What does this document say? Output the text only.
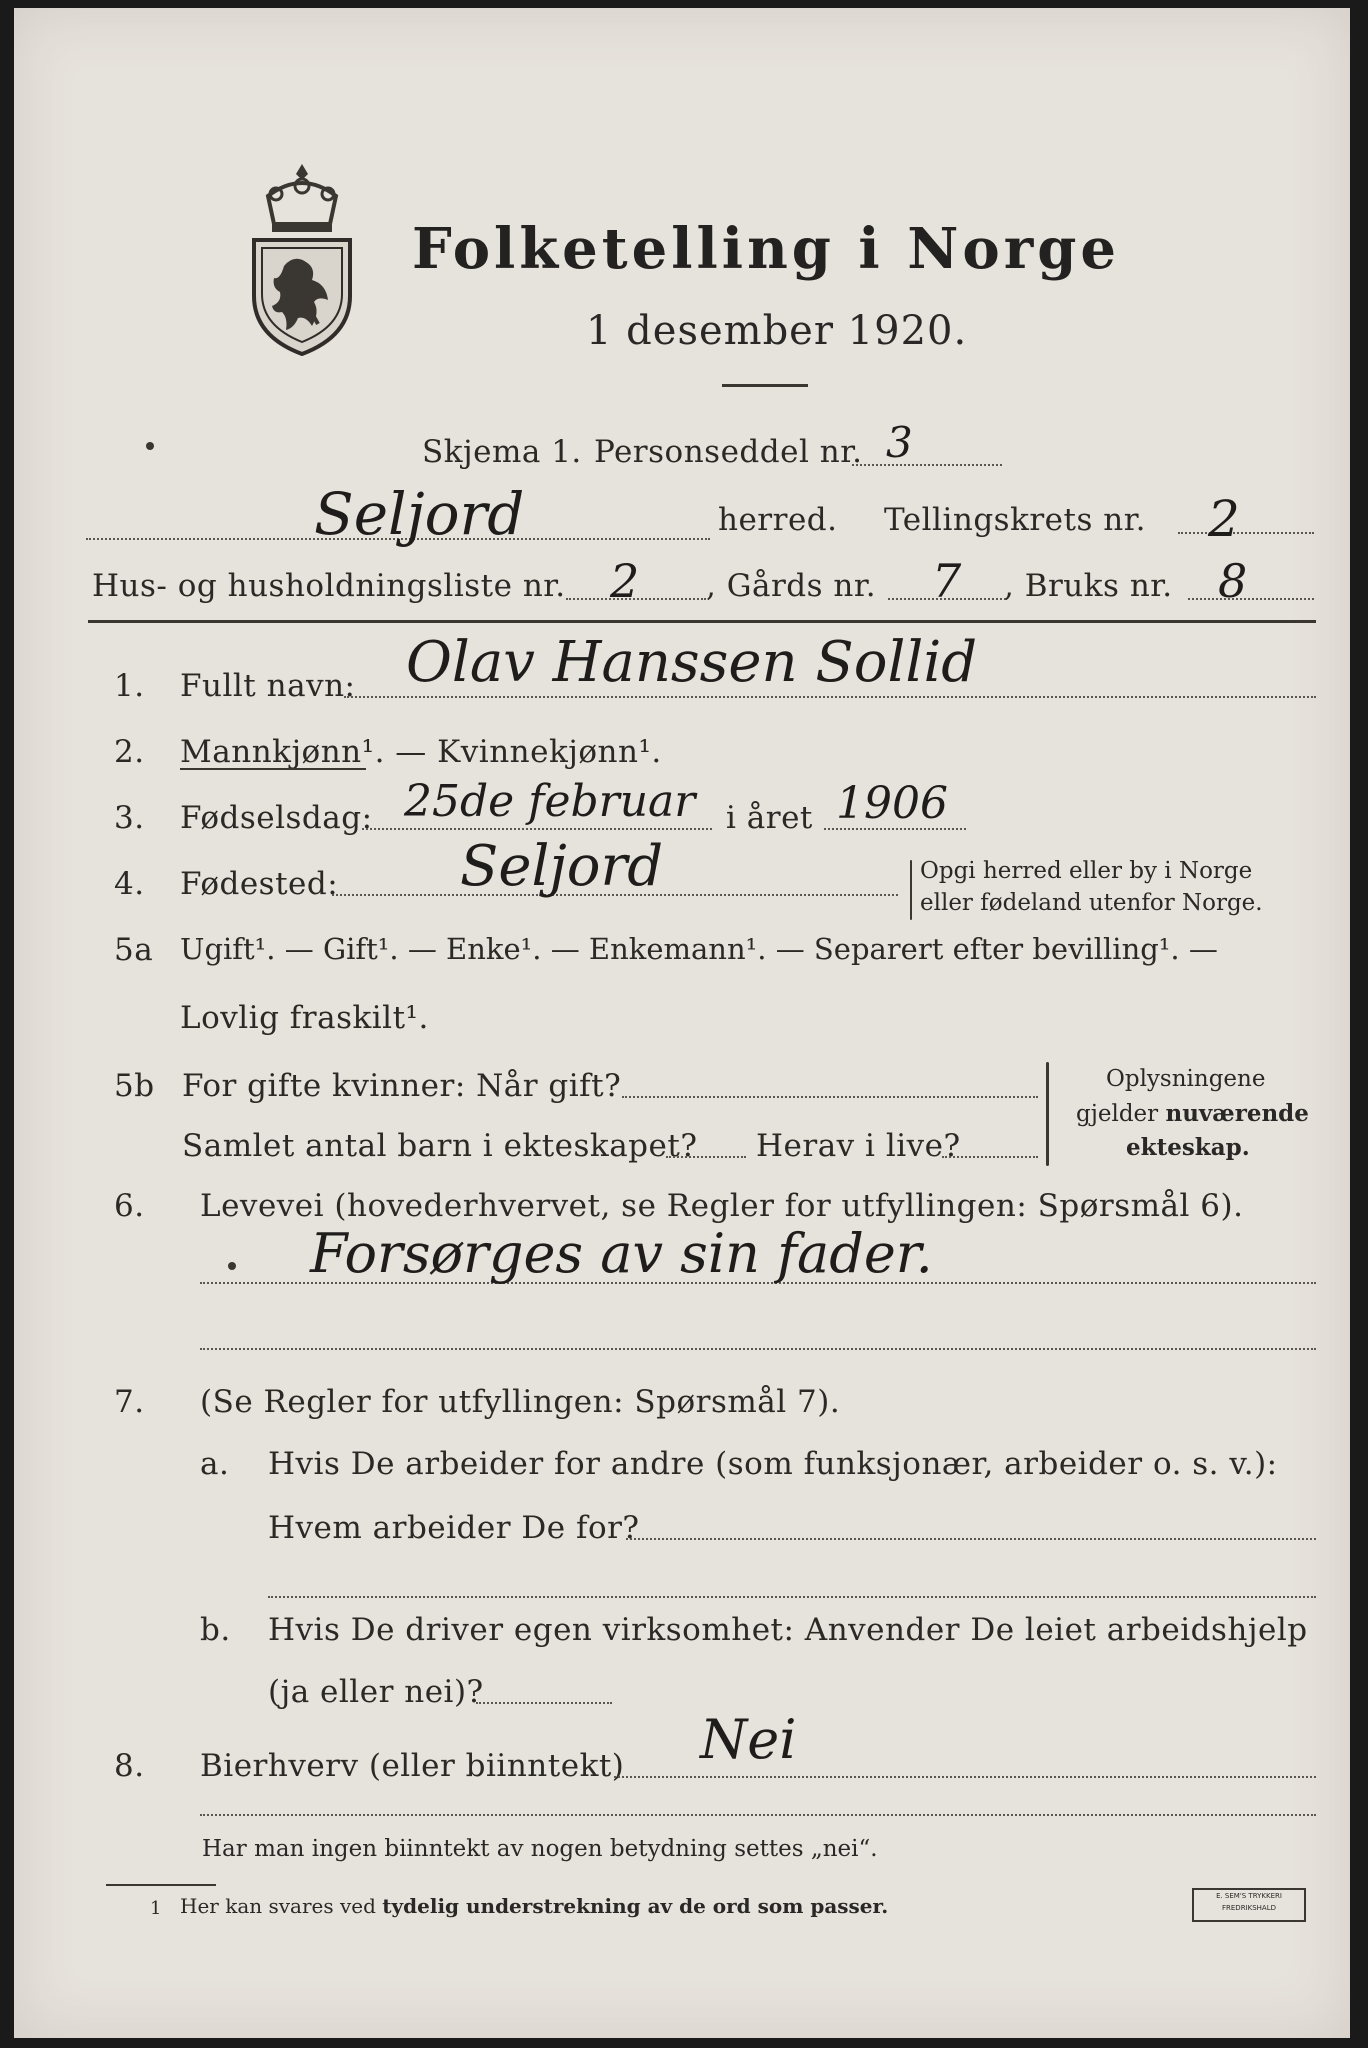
Folketelling i Norge
1 desember 1920.
Skjema 1. Personseddel nr. 3
Seljord	herred. Tellingskrets nr. 2
Hus- og husholdningsliste nr. 2 , Gårds nr. 7 , Bruks nr. 8
1. Fullt navn: Olav Hanssen Sollid
2. Mannkjønn¹. — Kvinnekjønn¹.
3. Fødselsdag: 25de februar i året 1906
4. Fødested: Seljord	Opgi herred eller by i Norge
eller fødeland utenfor Norge.
5a Ugift¹. — Gift¹. — Enke¹. — Enkemann¹. — Separert efter bevilling¹. —
Lovlig fraskilt¹.
5b For gifte kvinner: Når gift?
Samlet antal barn i ekteskapet? Herav i live?
Oplysningene
gjelder nuværende
ekteskap.
6. Levevei (hovederhvervet, se Regler for utfyllingen: Spørsmål 6).
Forsørges av sin fader.
7. (Se Regler for utfyllingen: Spørsmål 7).
a. Hvis De arbeider for andre (som funksjonær, arbeider o. s. v.):
Hvem arbeider De for?
b. Hvis De driver egen virksomhet: Anvender De leiet arbeidshjelp
(ja eller nei)?
8. Bierhverv (eller biinntekt) Nei
Har man ingen biinntekt av nogen betydning settes „nei“.
1 Her kan svares ved tydelig understrekning av de ord som passer.	E. SEM'S TRYKKERI
FREDRIKSHALD
